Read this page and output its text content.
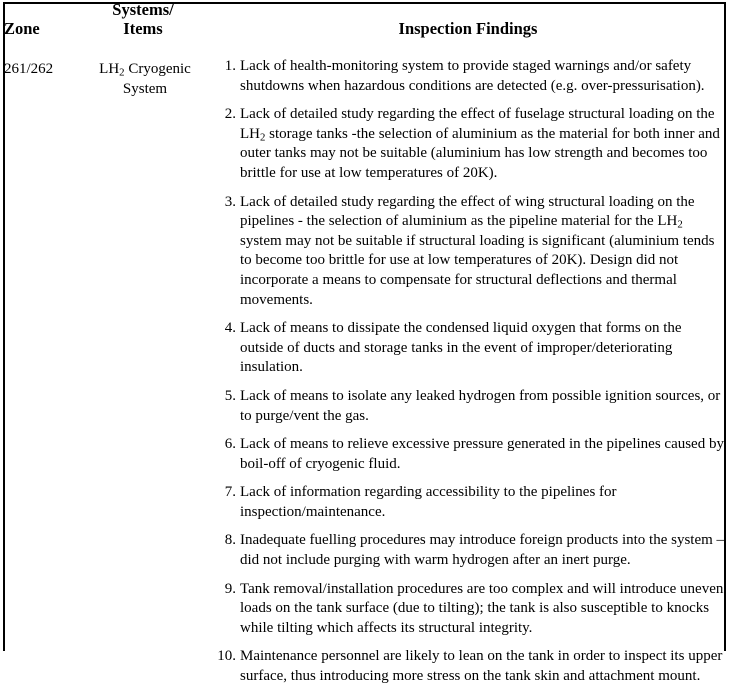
Zone
Systems/
Items	Inspection Findings
261/262	$LH_2$ Cryogenic System
1. Lack of health-monitoring system to provide staged warnings and/or safety shutdowns when hazardous conditions are detected (e.g. over-pressurisation).
2. Lack of detailed study regarding the effect of fuselage structural loading on the $LH_2$ storage tanks -the selection of aluminium as the material for both inner and outer tanks may not be suitable (aluminium has low strength and becomes too brittle for use at low temperatures of 20K).
3. Lack of detailed study regarding the effect of wing structural loading on the pipelines - the selection of aluminium as the pipeline material for the $LH_2$ system may not be suitable if structural loading is significant (aluminium tends to become too brittle for use at low temperatures of 20K). Design did not incorporate a means to compensate for structural deflections and thermal movements.
4. Lack of means to dissipate the condensed liquid oxygen that forms on the outside of ducts and storage tanks in the event of improper/deteriorating insulation.
5. Lack of means to isolate any leaked hydrogen from possible ignition sources, or to purge/vent the gas.
6. Lack of means to relieve excessive pressure generated in the pipelines caused by boil-off of cryogenic fluid.
7. Lack of information regarding accessibility to the pipelines for inspection/maintenance.
8. Inadequate fuelling procedures may introduce foreign products into the system – did not include purging with warm hydrogen after an inert purge.
9. Tank removal/installation procedures are too complex and will introduce uneven loads on the tank surface (due to tilting); the tank is also susceptible to knocks while tilting which affects its structural integrity.
10. Maintenance personnel are likely to lean on the tank in order to inspect its upper surface, thus introducing more stress on the tank skin and attachment mount.
